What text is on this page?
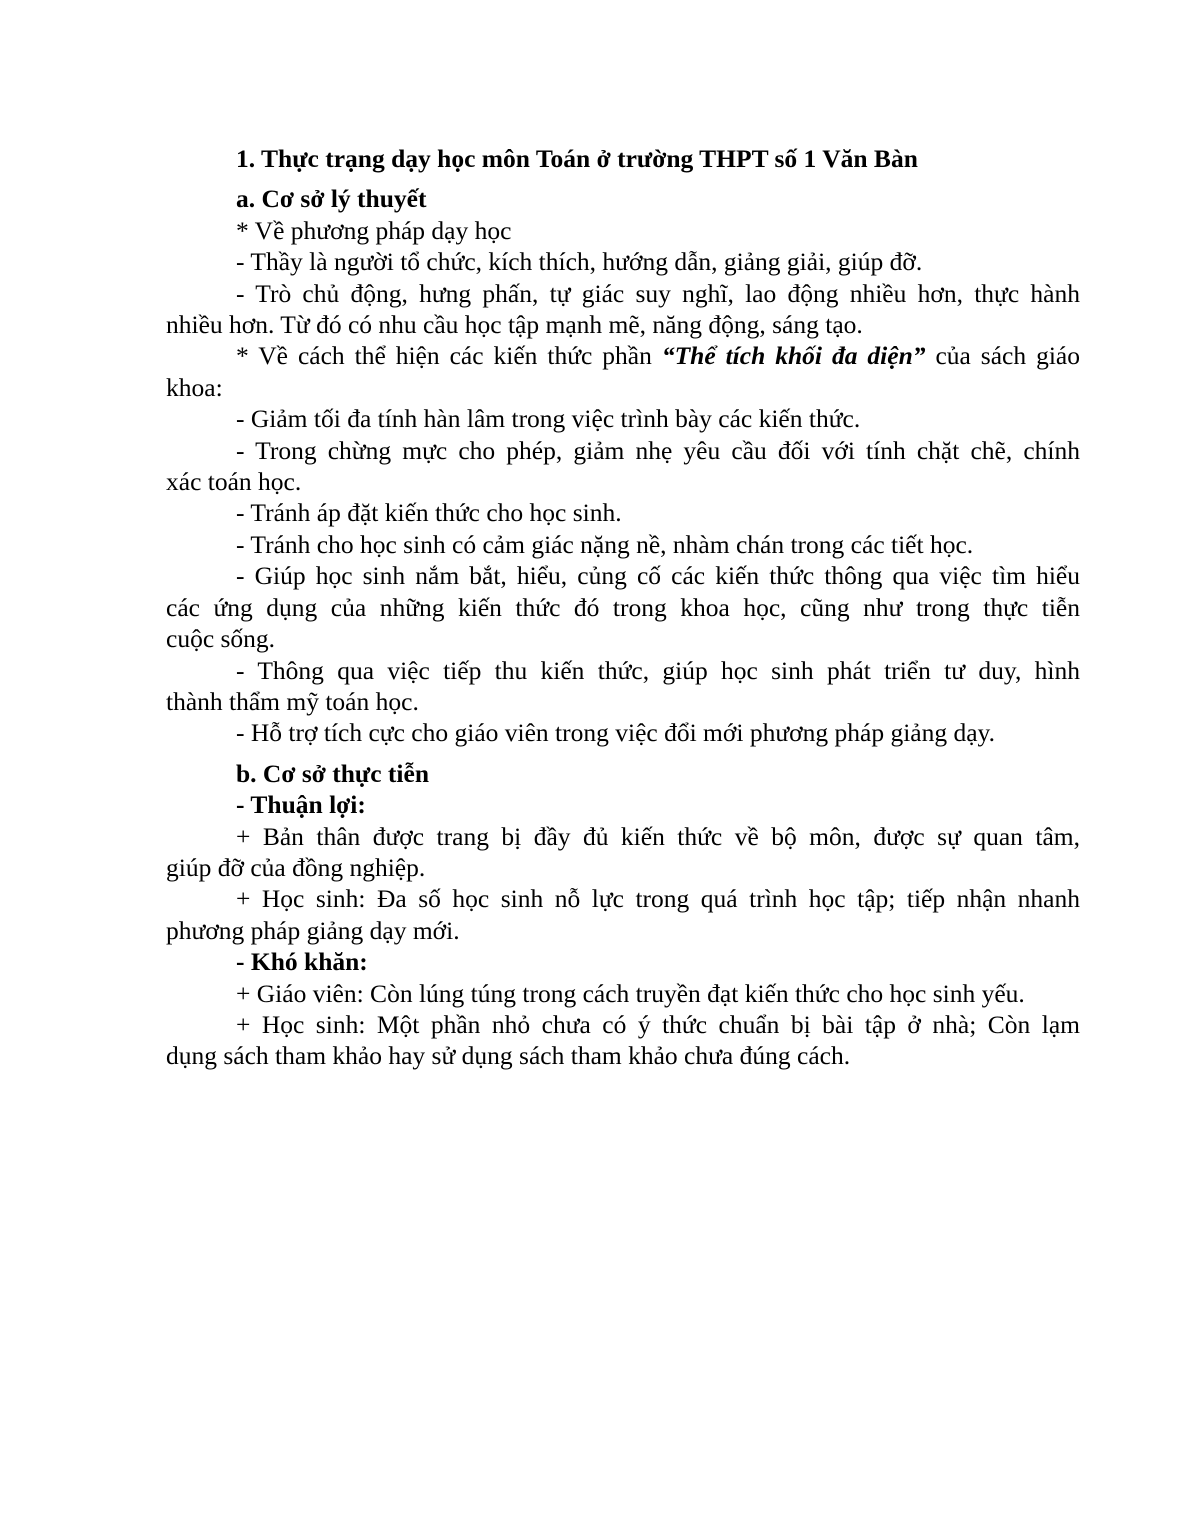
1. Thực trạng dạy học môn Toán ở trường THPT số 1 Văn Bàn

a. Cơ sở lý thuyết

* Về phương pháp dạy học

- Thầy là người tổ chức, kích thích, hướng dẫn, giảng giải, giúp đỡ.

- Trò chủ động, hưng phấn, tự giác suy nghĩ, lao động nhiều hơn, thực hành

nhiều hơn. Từ đó có nhu cầu học tập mạnh mẽ, năng động, sáng tạo.

* Về cách thể hiện các kiến thức phần “Thể tích khối đa diện” của sách giáo

khoa:

- Giảm tối đa tính hàn lâm trong việc trình bày các kiến thức.

- Trong chừng mực cho phép, giảm nhẹ yêu cầu đối với tính chặt chẽ, chính

xác toán học.

- Tránh áp đặt kiến thức cho học sinh.

- Tránh cho học sinh có cảm giác nặng nề, nhàm chán trong các tiết học.

- Giúp học sinh nắm bắt, hiểu, củng cố các kiến thức thông qua việc tìm hiểu

các ứng dụng của những kiến thức đó trong khoa học, cũng như trong thực tiễn

cuộc sống.

- Thông qua việc tiếp thu kiến thức, giúp học sinh phát triển tư duy, hình

thành thẩm mỹ toán học.

- Hỗ trợ tích cực cho giáo viên trong việc đổi mới phương pháp giảng dạy.

b. Cơ sở thực tiễn

- Thuận lợi:

+ Bản thân được trang bị đầy đủ kiến thức về bộ môn, được sự quan tâm,

giúp đỡ của đồng nghiệp.

+ Học sinh: Đa số học sinh nỗ lực trong quá trình học tập; tiếp nhận nhanh

phương pháp giảng dạy mới.

- Khó khăn:

+ Giáo viên: Còn lúng túng trong cách truyền đạt kiến thức cho học sinh yếu.

+ Học sinh: Một phần nhỏ chưa có ý thức chuẩn bị bài tập ở nhà; Còn lạm

dụng sách tham khảo hay sử dụng sách tham khảo chưa đúng cách.
